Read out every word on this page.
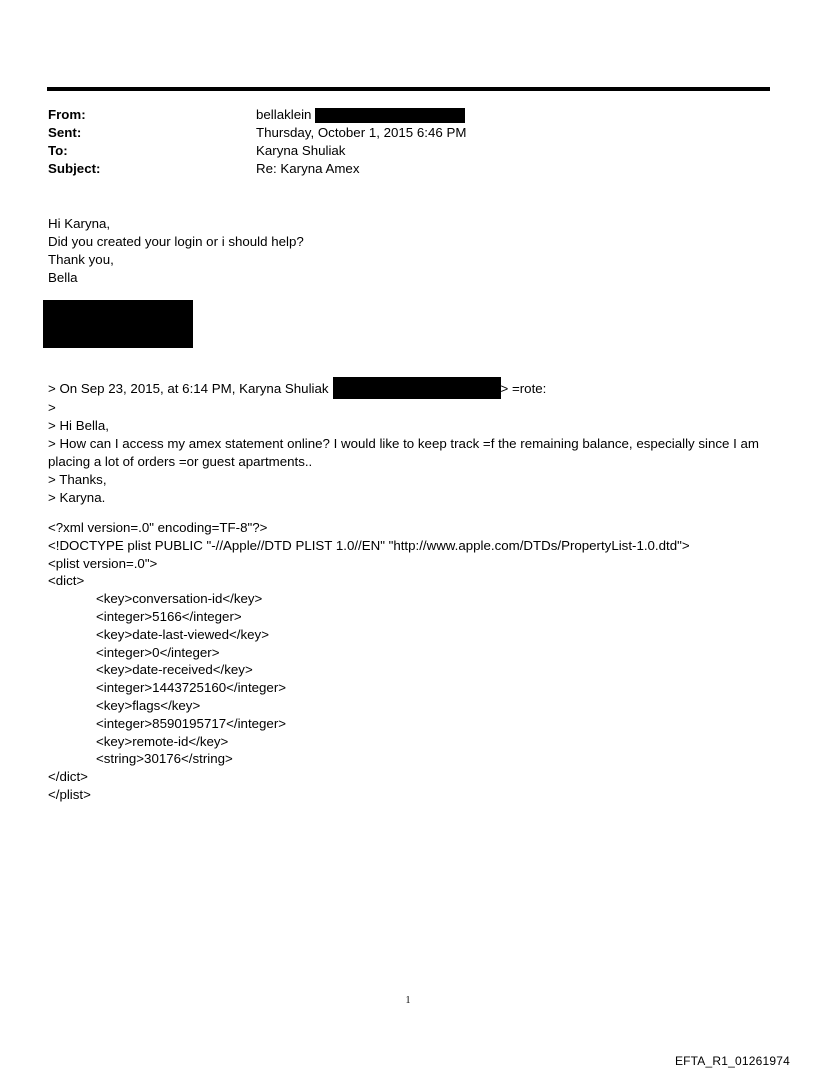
From:	bellaklein
Sent:	Thursday, October 1, 2015 6:46 PM
To:	Karyna Shuliak
Subject:	Re: Karyna Amex
Hi Karyna,
Did you created your login or i should help?
Thank you,
Bella
> On Sep 23, 2015, at 6:14 PM, Karyna Shuliak	> =rote:
>
> Hi Bella,
> How can I access my amex statement online? I would like to keep track =f the remaining balance, especially since I am
placing a lot of orders =or guest apartments..
> Thanks,
> Karyna.
<?xml version=.0" encoding=TF-8"?>
<!DOCTYPE plist PUBLIC "-//Apple//DTD PLIST 1.0//EN" "http://www.apple.com/DTDs/PropertyList-1.0.dtd">
<plist version=.0">
<dict>
<key>conversation-id</key>
<integer>5166</integer>
<key>date-last-viewed</key>
<integer>0</integer>
<key>date-received</key>
<integer>1443725160</integer>
<key>flags</key>
<integer>8590195717</integer>
<key>remote-id</key>
<string>30176</string>
</dict>
</plist>
1
EFTA_R1_01261974
